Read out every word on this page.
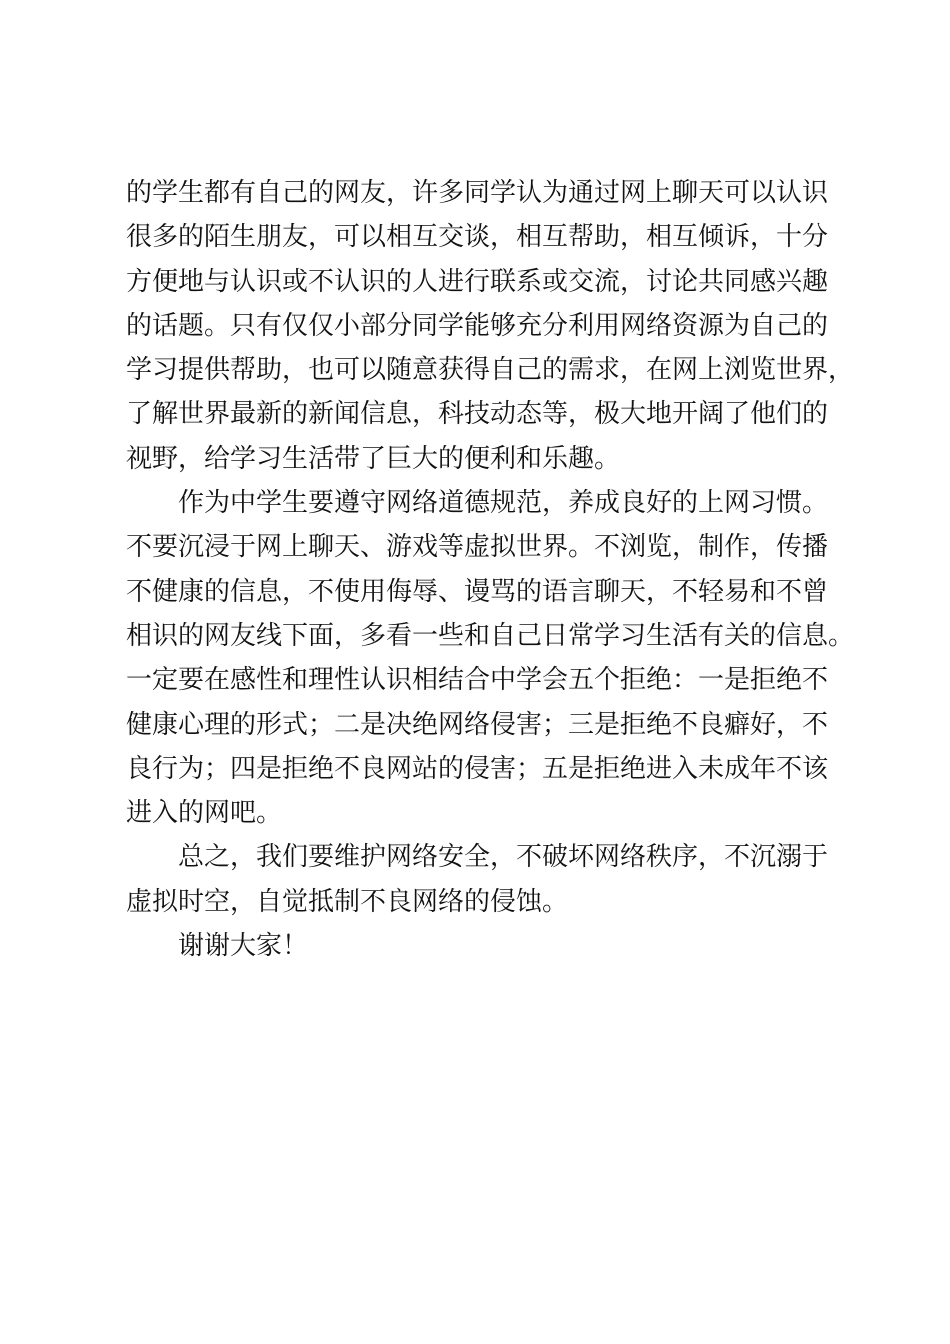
的学生都有自己的网友，许多同学认为通过网上聊天可以认识
很多的陌生朋友，可以相互交谈，相互帮助，相互倾诉，十分
方便地与认识或不认识的人进行联系或交流，讨论共同感兴趣
的话题。只有仅仅小部分同学能够充分利用网络资源为自己的
学习提供帮助，也可以随意获得自己的需求，在网上浏览世界，
了解世界最新的新闻信息，科技动态等，极大地开阔了他们的
视野，给学习生活带了巨大的便利和乐趣。
作为中学生要遵守网络道德规范，养成良好的上网习惯。
不要沉浸于网上聊天、游戏等虚拟世界。不浏览，制作，传播
不健康的信息，不使用侮辱、谩骂的语言聊天，不轻易和不曾
相识的网友线下面，多看一些和自己日常学习生活有关的信息。
一定要在感性和理性认识相结合中学会五个拒绝：一是拒绝不
健康心理的形式；二是决绝网络侵害；三是拒绝不良癖好，不
良行为；四是拒绝不良网站的侵害；五是拒绝进入未成年不该
进入的网吧。
总之，我们要维护网络安全，不破坏网络秩序，不沉溺于
虚拟时空，自觉抵制不良网络的侵蚀。
谢谢大家！
